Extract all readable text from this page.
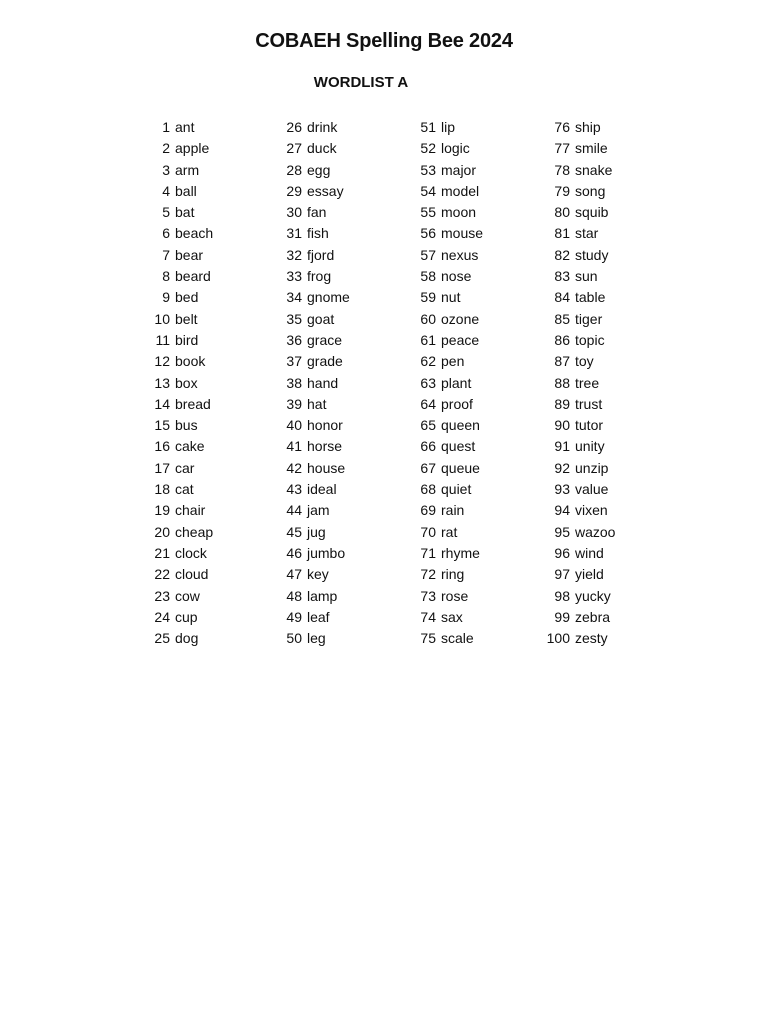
COBAEH Spelling Bee 2024
WORDLIST A
1 ant
2 apple
3 arm
4 ball
5 bat
6 beach
7 bear
8 beard
9 bed
10 belt
11 bird
12 book
13 box
14 bread
15 bus
16 cake
17 car
18 cat
19 chair
20 cheap
21 clock
22 cloud
23 cow
24 cup
25 dog
26 drink
27 duck
28 egg
29 essay
30 fan
31 fish
32 fjord
33 frog
34 gnome
35 goat
36 grace
37 grade
38 hand
39 hat
40 honor
41 horse
42 house
43 ideal
44 jam
45 jug
46 jumbo
47 key
48 lamp
49 leaf
50 leg
51 lip
52 logic
53 major
54 model
55 moon
56 mouse
57 nexus
58 nose
59 nut
60 ozone
61 peace
62 pen
63 plant
64 proof
65 queen
66 quest
67 queue
68 quiet
69 rain
70 rat
71 rhyme
72 ring
73 rose
74 sax
75 scale
76 ship
77 smile
78 snake
79 song
80 squib
81 star
82 study
83 sun
84 table
85 tiger
86 topic
87 toy
88 tree
89 trust
90 tutor
91 unity
92 unzip
93 value
94 vixen
95 wazoo
96 wind
97 yield
98 yucky
99 zebra
100 zesty
